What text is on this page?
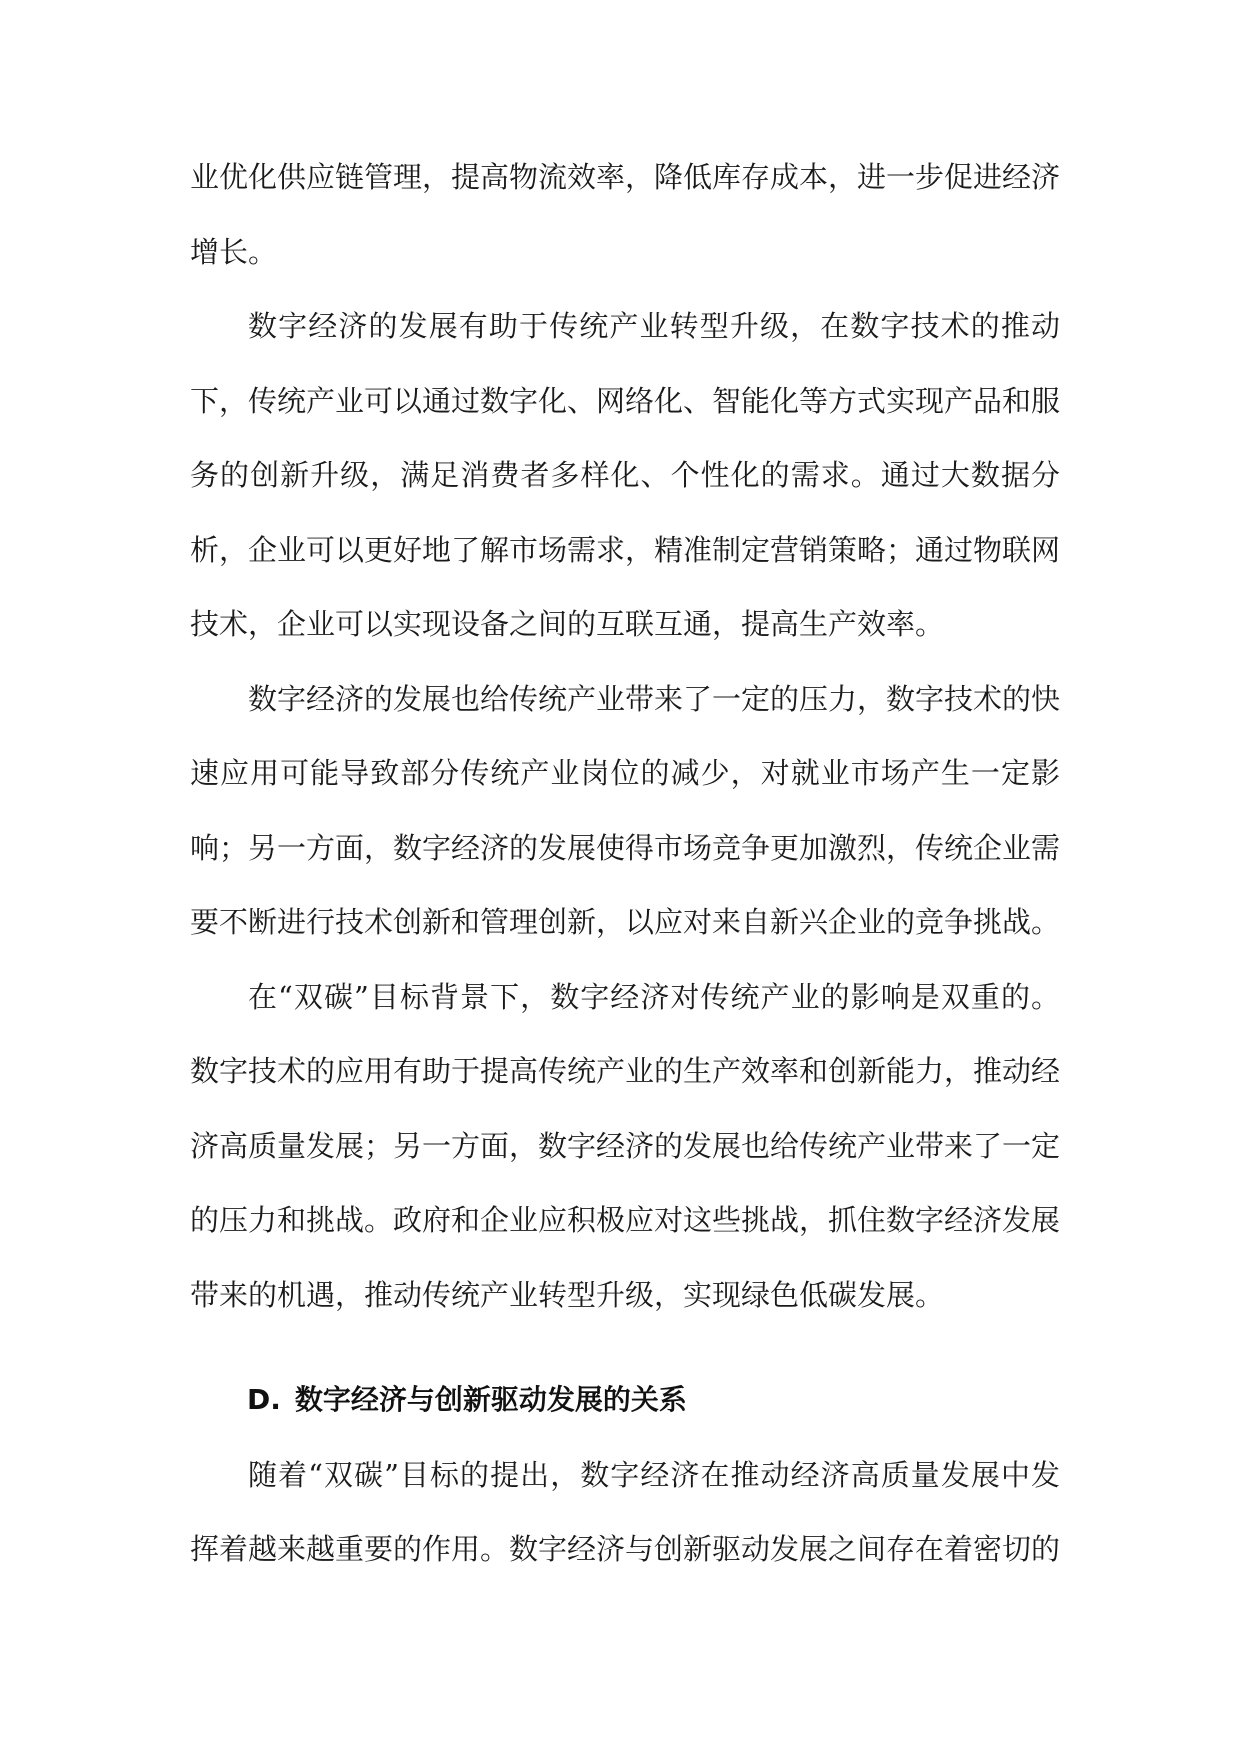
业优化供应链管理，提高物流效率，降低库存成本，进一步促进经济增长。

数字经济的发展有助于传统产业转型升级，在数字技术的推动下，传统产业可以通过数字化、网络化、智能化等方式实现产品和服务的创新升级，满足消费者多样化、个性化的需求。通过大数据分析，企业可以更好地了解市场需求，精准制定营销策略；通过物联网技术，企业可以实现设备之间的互联互通，提高生产效率。

数字经济的发展也给传统产业带来了一定的压力，数字技术的快速应用可能导致部分传统产业岗位的减少，对就业市场产生一定影响；另一方面，数字经济的发展使得市场竞争更加激烈，传统企业需要不断进行技术创新和管理创新，以应对来自新兴企业的竞争挑战。

在“双碳”目标背景下，数字经济对传统产业的影响是双重的。数字技术的应用有助于提高传统产业的生产效率和创新能力，推动经济高质量发展；另一方面，数字经济的发展也给传统产业带来了一定的压力和挑战。政府和企业应积极应对这些挑战，抓住数字经济发展带来的机遇，推动传统产业转型升级，实现绿色低碳发展。

D. 数字经济与创新驱动发展的关系

随着“双碳”目标的提出，数字经济在推动经济高质量发展中发挥着越来越重要的作用。数字经济与创新驱动发展之间存在着密切的
